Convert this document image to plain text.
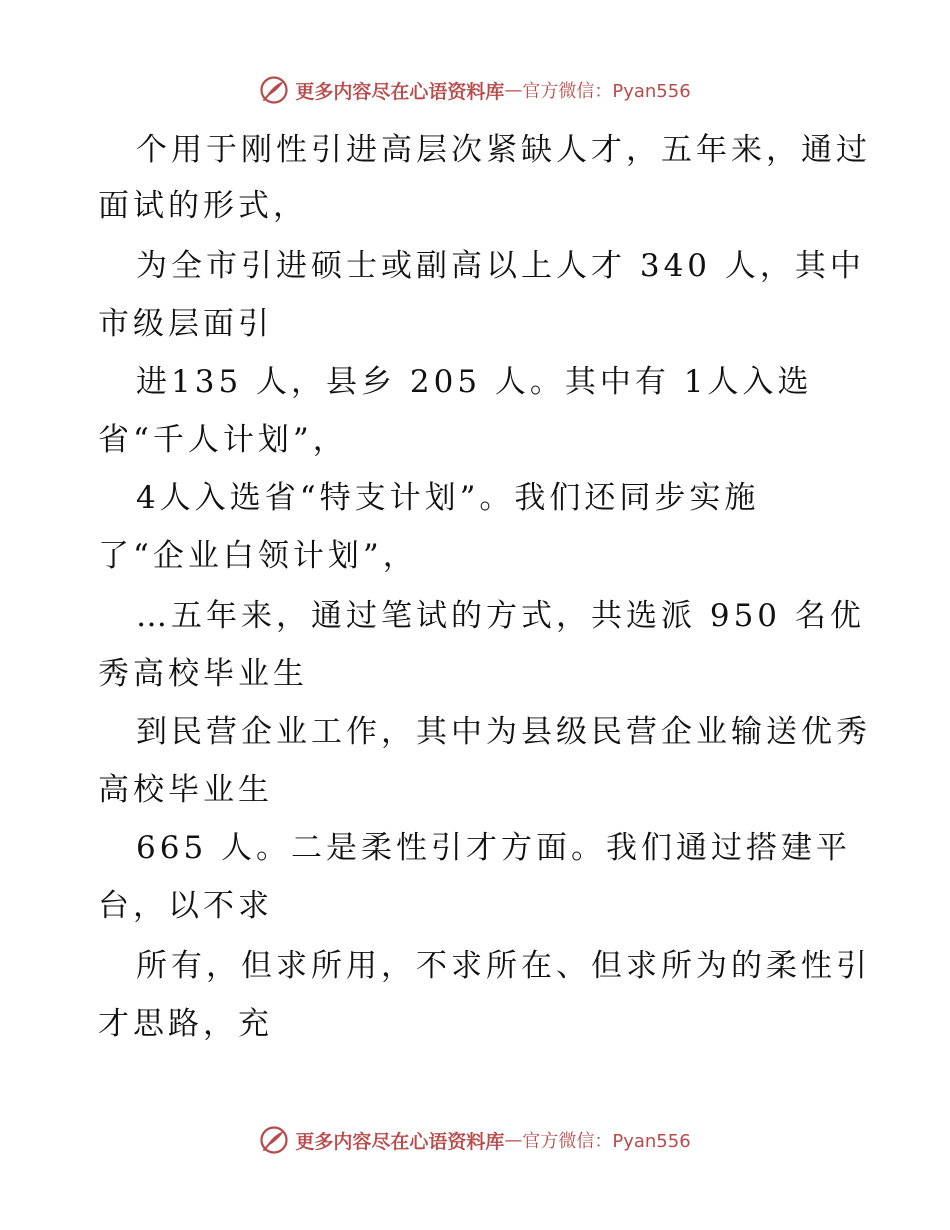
更多内容尽在心语资料库 — 官方微信：Pyan556
个用于刚性引进高层次紧缺人才，五年来，通过
面试的形式，
为全市引进硕士或副高以上人才 340 人，其中
市级层面引
进135 人，县乡 205 人。其中有 1人入选
省“千人计划”，
4人入选省“特支计划”。我们还同步实施
了“企业白领计划”，
…五年来，通过笔试的方式，共选派 950 名优
秀高校毕业生
到民营企业工作，其中为县级民营企业输送优秀
高校毕业生
665 人。二是柔性引才方面。我们通过搭建平
台，以不求
所有，但求所用，不求所在、但求所为的柔性引
才思路，充
更多内容尽在心语资料库 — 官方微信：Pyan556
